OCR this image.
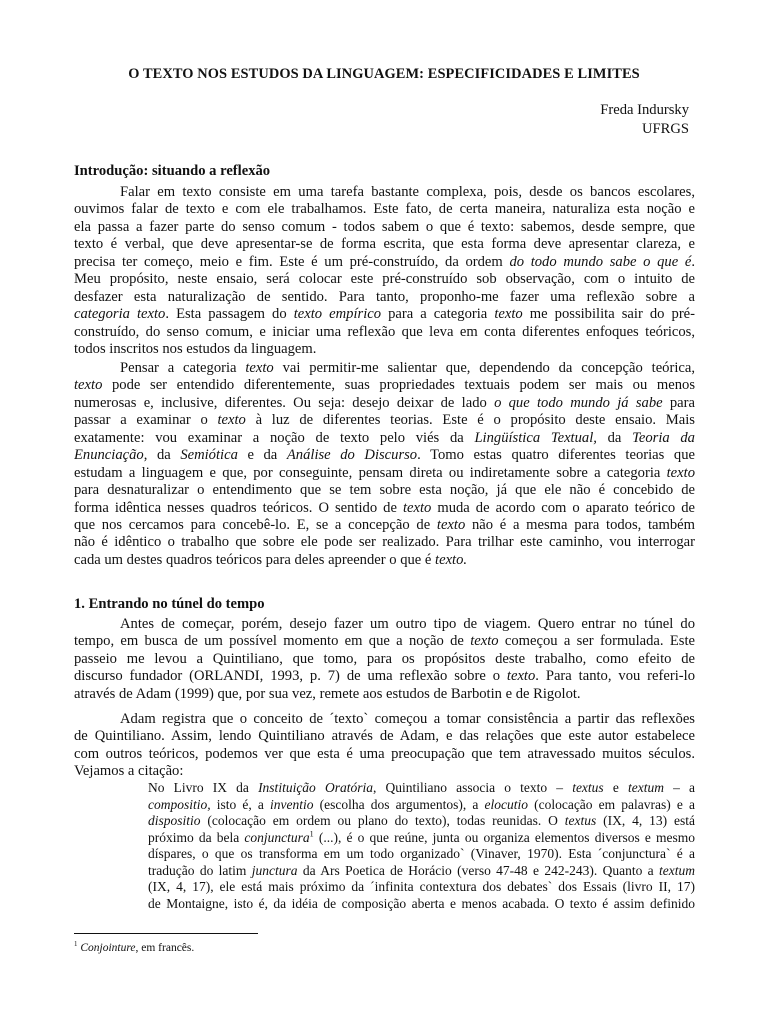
O TEXTO NOS ESTUDOS DA LINGUAGEM: ESPECIFICIDADES E LIMITES
Freda Indursky
UFRGS
Introdução: situando a reflexão
Falar em texto consiste em uma tarefa bastante complexa, pois, desde os bancos escolares,
ouvimos falar de texto e com ele trabalhamos. Este fato, de certa maneira, naturaliza esta noção e
ela passa a fazer parte do senso comum - todos sabem o que é texto: sabemos, desde sempre, que
texto é verbal, que deve apresentar-se de forma escrita, que esta forma deve apresentar clareza, e
precisa ter começo, meio e fim. Este é um pré-construído, da ordem do todo mundo sabe o que é.
Meu propósito, neste ensaio, será colocar este pré-construído sob observação, com o intuito de
desfazer esta naturalização de sentido. Para tanto, proponho-me fazer uma reflexão sobre a
categoria texto. Esta passagem do texto empírico para a categoria texto me possibilita sair do pré-
construído, do senso comum, e iniciar uma reflexão que leva em conta diferentes enfoques teóricos,
todos inscritos nos estudos da linguagem.
Pensar a categoria texto vai permitir-me salientar que, dependendo da concepção teórica,
texto pode ser entendido diferentemente, suas propriedades textuais podem ser mais ou menos
numerosas e, inclusive, diferentes. Ou seja: desejo deixar de lado o que todo mundo já sabe para
passar a examinar o texto à luz de diferentes teorias. Este é o propósito deste ensaio. Mais
exatamente: vou examinar a noção de texto pelo viés da Lingüística Textual, da Teoria da
Enunciação, da Semiótica e da Análise do Discurso. Tomo estas quatro diferentes teorias que
estudam a linguagem e que, por conseguinte, pensam direta ou indiretamente sobre a categoria texto
para desnaturalizar o entendimento que se tem sobre esta noção, já que ele não é concebido de
forma idêntica nesses quadros teóricos. O sentido de texto muda de acordo com o aparato teórico de
que nos cercamos para concebê-lo. E, se a concepção de texto não é a mesma para todos, também
não é idêntico o trabalho que sobre ele pode ser realizado. Para trilhar este caminho, vou interrogar
cada um destes quadros teóricos para deles apreender o que é texto.
1. Entrando no túnel do tempo
Antes de começar, porém, desejo fazer um outro tipo de viagem. Quero entrar no túnel do
tempo, em busca de um possível momento em que a noção de texto começou a ser formulada. Este
passeio me levou a Quintiliano, que tomo, para os propósitos deste trabalho, como efeito de
discurso fundador (ORLANDI, 1993, p. 7) de uma reflexão sobre o texto. Para tanto, vou referi-lo
através de Adam (1999) que, por sua vez, remete aos estudos de Barbotin e de Rigolot.
Adam registra que o conceito de ´texto` começou a tomar consistência a partir das reflexões
de Quintiliano. Assim, lendo Quintiliano através de Adam, e das relações que este autor estabelece
com outros teóricos, podemos ver que esta é uma preocupação que tem atravessado muitos séculos.
Vejamos a citação:
No Livro IX da Instituição Oratória, Quintiliano associa o texto – textus e textum – a
compositio, isto é, a inventio (escolha dos argumentos), a elocutio (colocação em palavras) e a
dispositio (colocação em ordem ou plano do texto), todas reunidas. O textus (IX, 4, 13) está
próximo da bela conjunctura$^1$ (...), é o que reúne, junta ou organiza elementos diversos e mesmo
díspares, o que os transforma em um todo organizado` (Vinaver, 1970). Esta ´conjunctura` é a
tradução do latim junctura da Ars Poetica de Horácio (verso 47-48 e 242-243). Quanto a textum
(IX, 4, 17), ele está mais próximo da ´infinita contextura dos debates` dos Essais (livro II, 17)
de Montaigne, isto é, da idéia de composição aberta e menos acabada. O texto é assim definido
$^1$ Conjointure, em francês.
